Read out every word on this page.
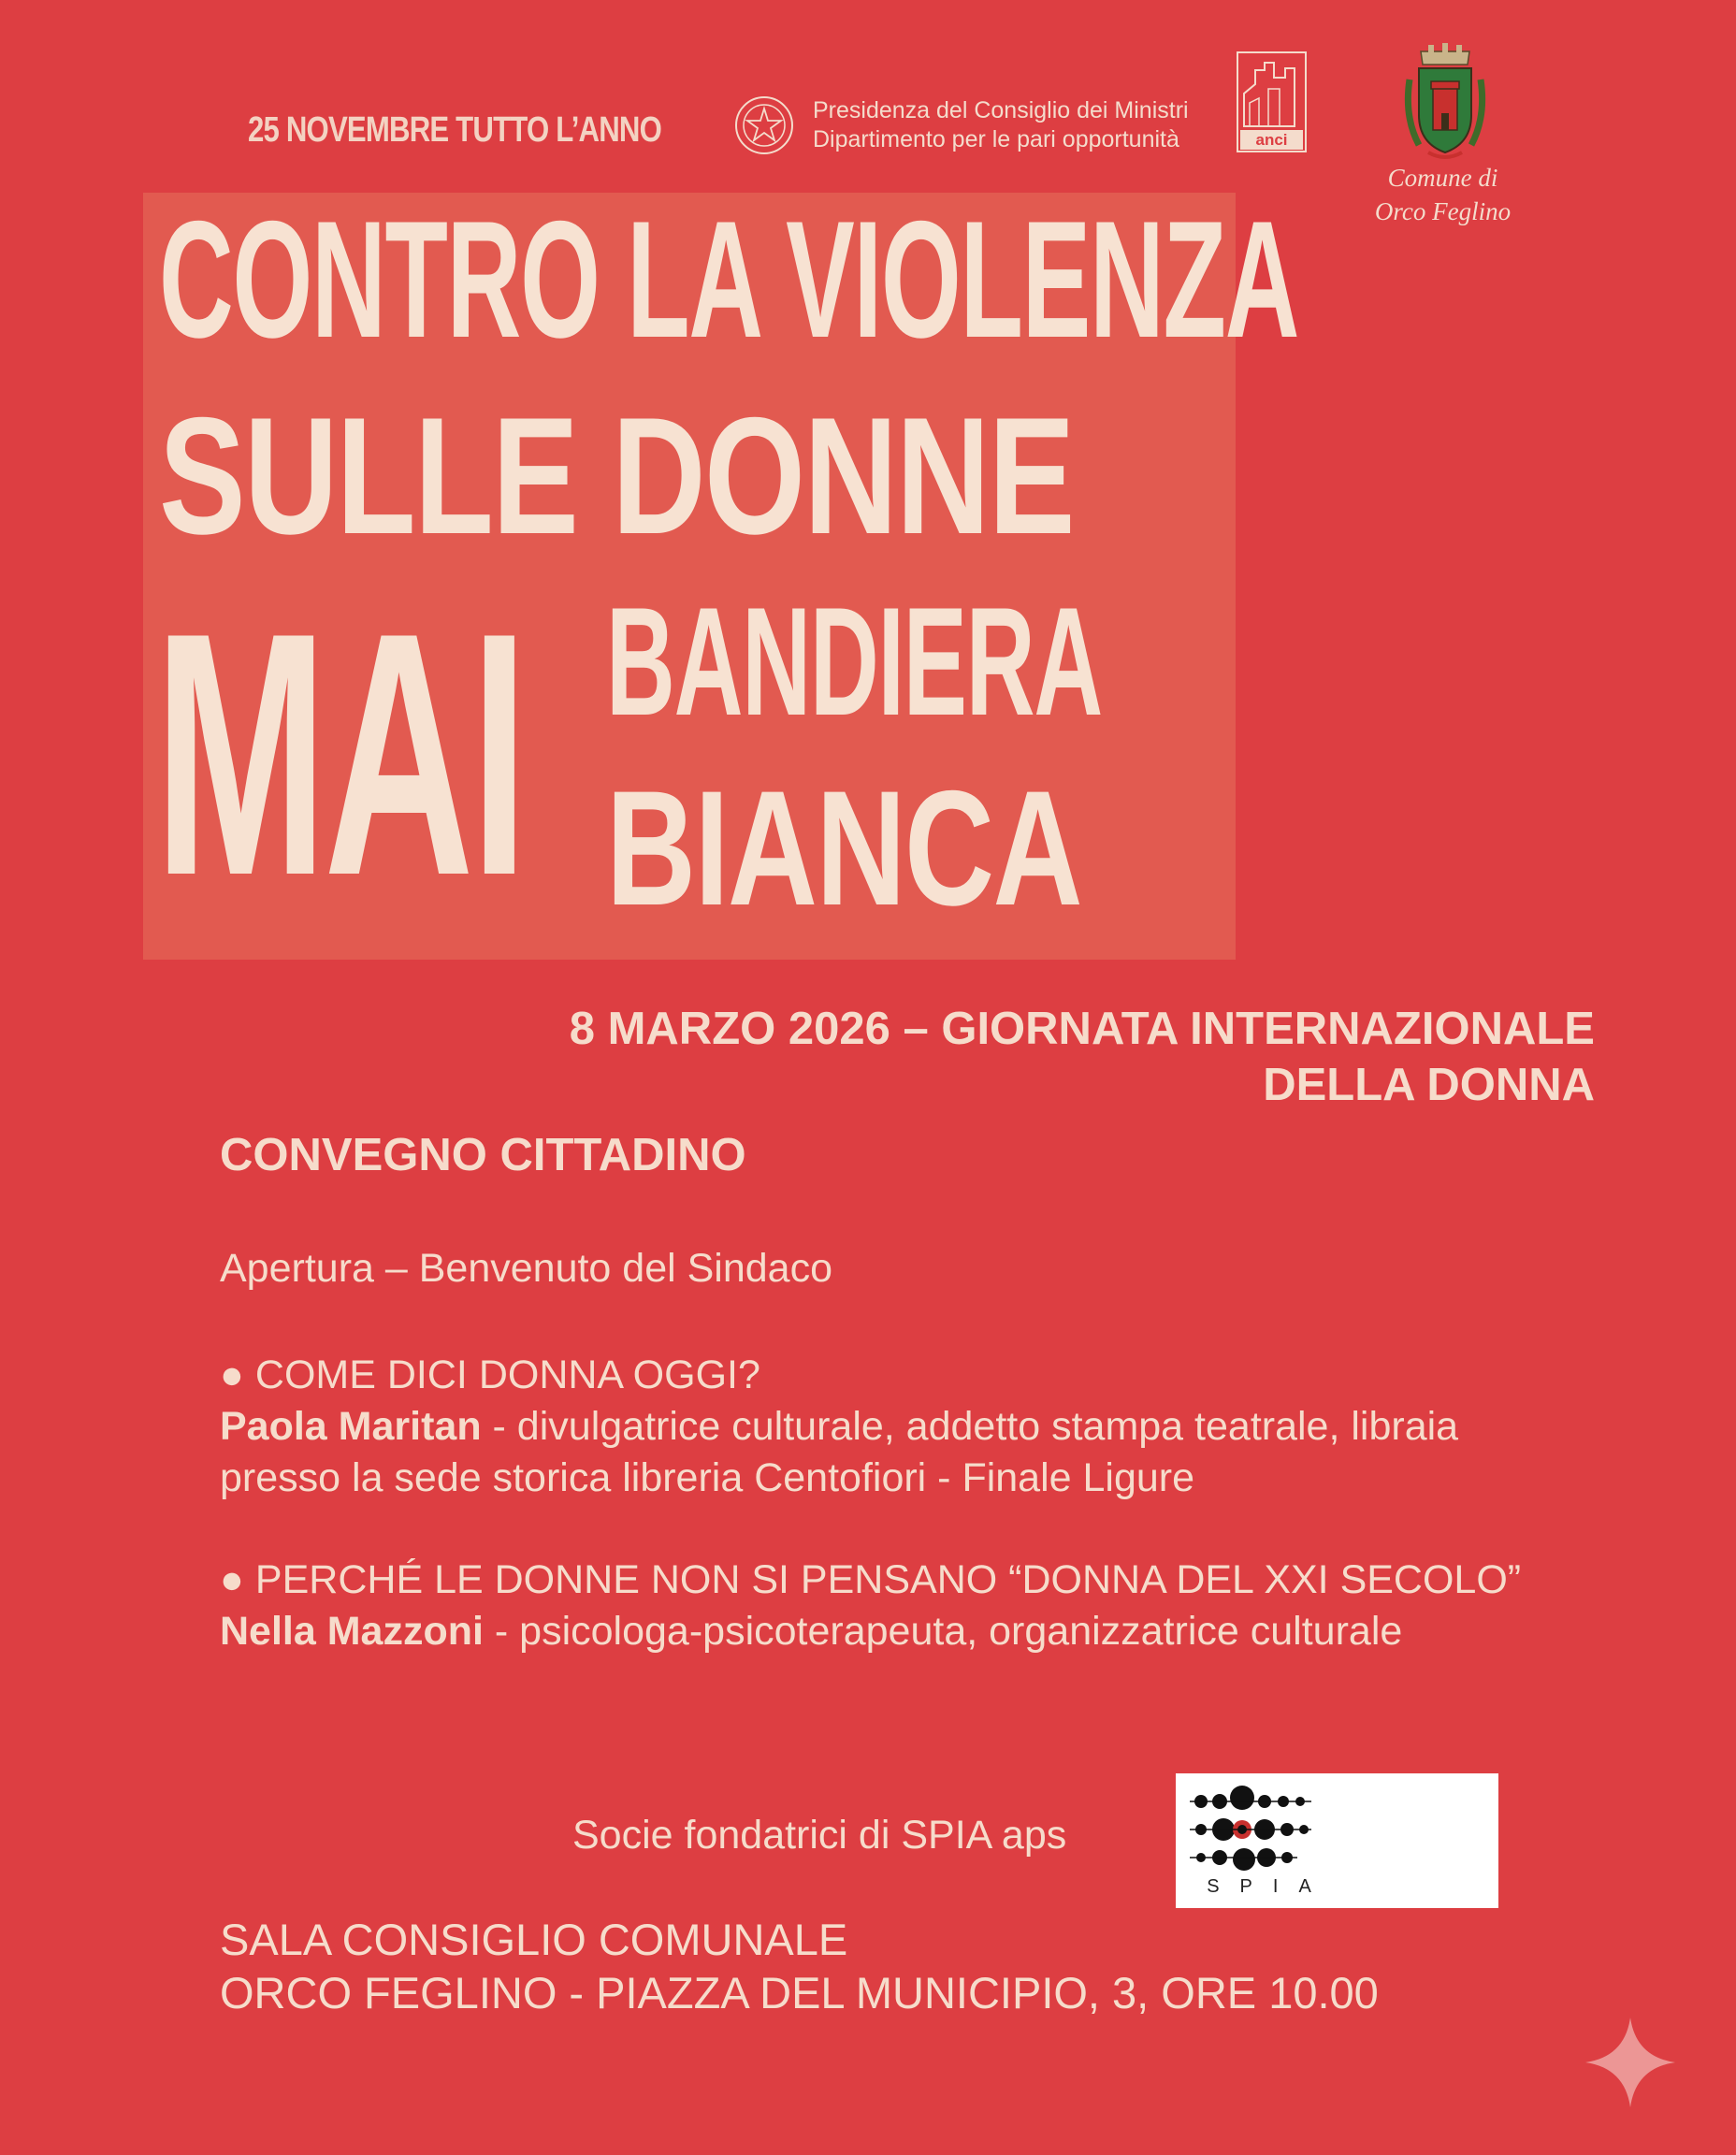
25 NOVEMBRE TUTTO L’ANNO	Presidenza del Consiglio dei Ministri
Dipartimento per le pari opportunità	anci
Comune di
Orco Feglino
CONTRO LA VIOLENZA
SULLE DONNE
MAI BANDIERA
BIANCA
8 MARZO 2026 – GIORNATA INTERNAZIONALE
DELLA DONNA
CONVEGNO CITTADINO
Apertura – Benvenuto del Sindaco
● COME DICI DONNA OGGI?
Paola Maritan - divulgatrice culturale, addetto stampa teatrale, libraia presso la sede storica libreria Centofiori - Finale Ligure
● PERCHÉ LE DONNE NON SI PENSANO “DONNA DEL XXI SECOLO”
Nella Mazzoni - psicologa-psicoterapeuta, organizzatrice culturale
Socie fondatrici di SPIA aps
SPIA
SALA CONSIGLIO COMUNALE
ORCO FEGLINO - PIAZZA DEL MUNICIPIO, 3, ORE 10.00
